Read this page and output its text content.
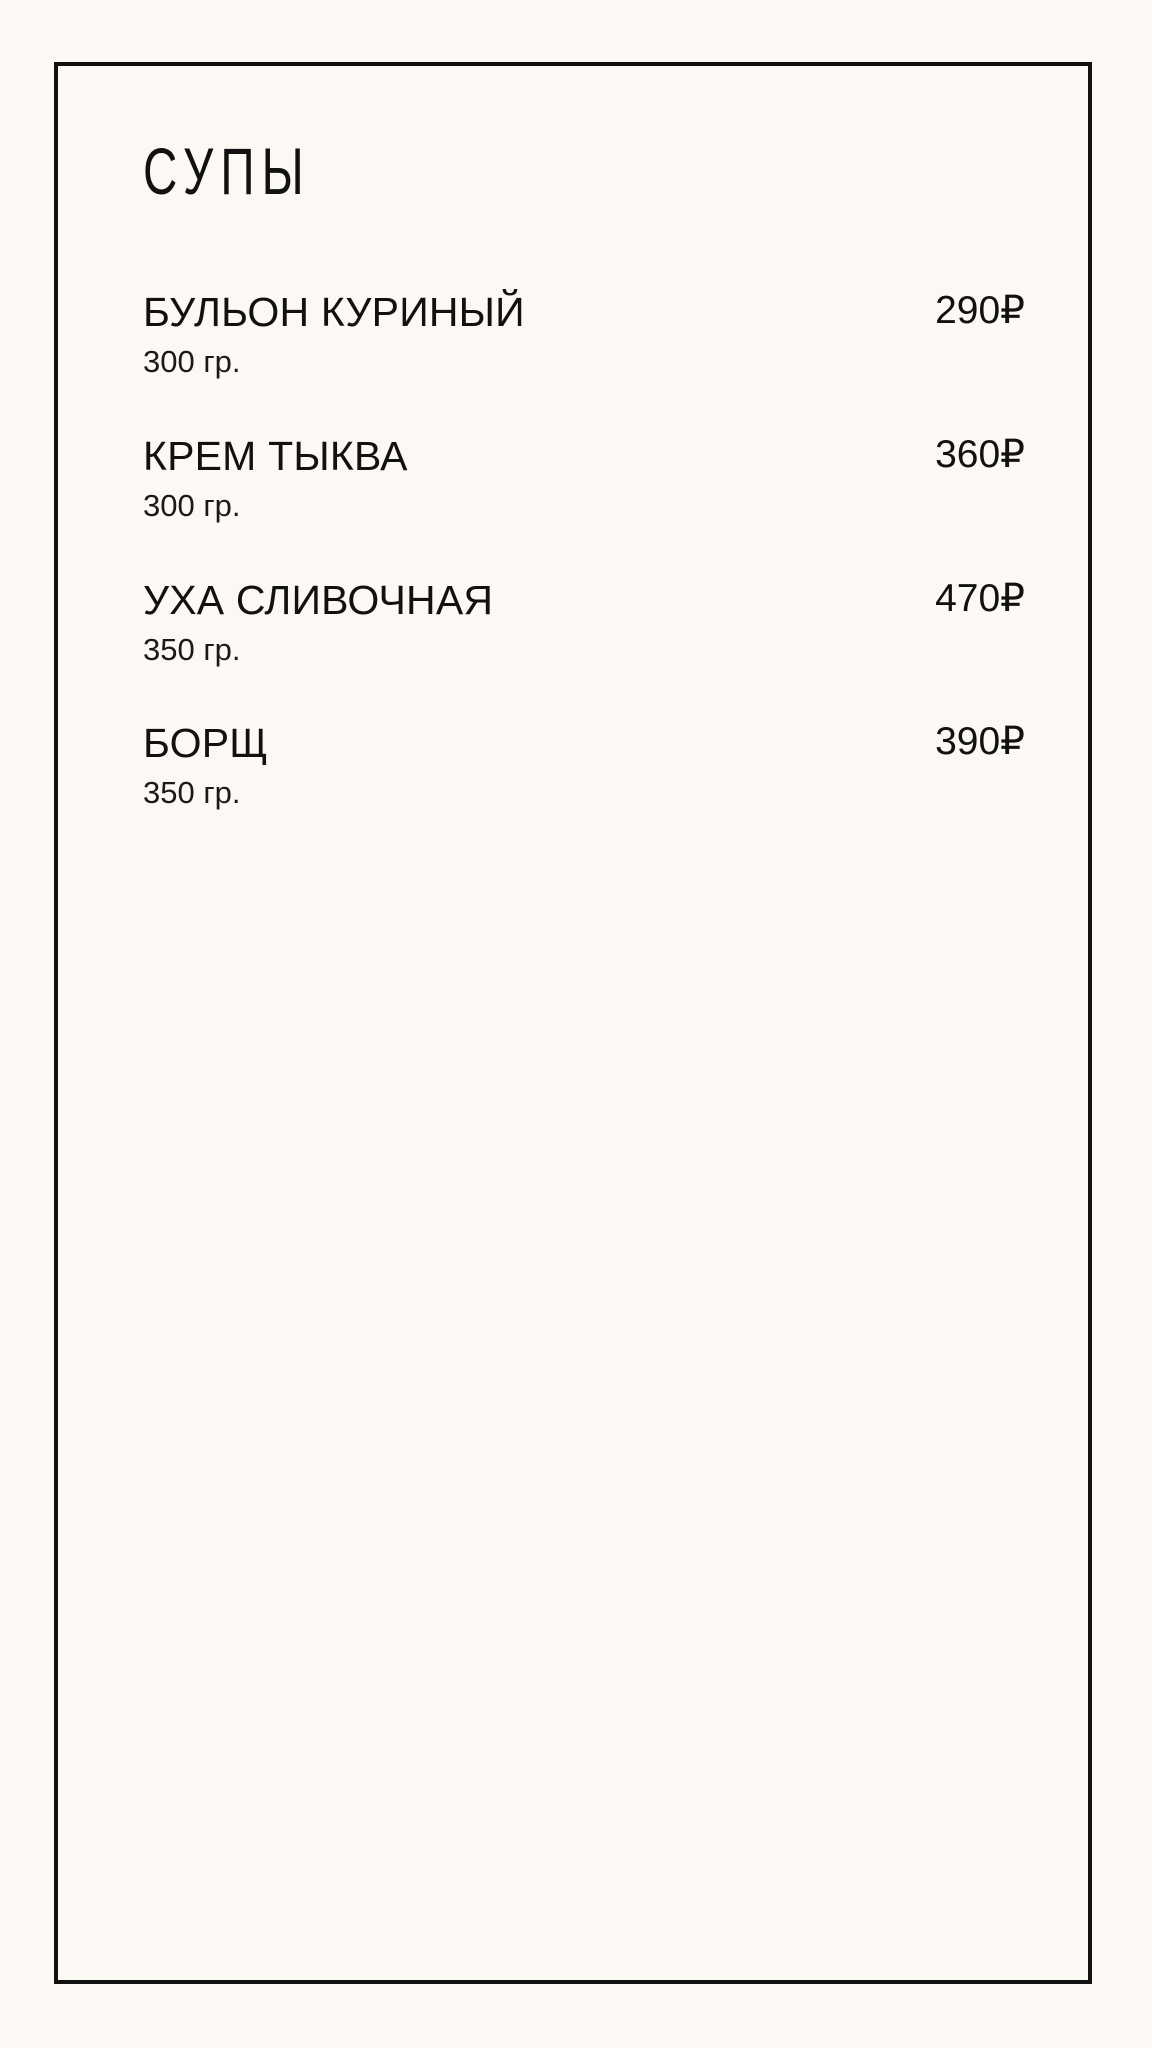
СУПЫ
БУЛЬОН КУРИНЫЙ	290₽
300 гр.
КРЕМ ТЫКВА	360₽
300 гр.
УХА СЛИВОЧНАЯ	470₽
350 гр.
БОРЩ	390₽
350 гр.
